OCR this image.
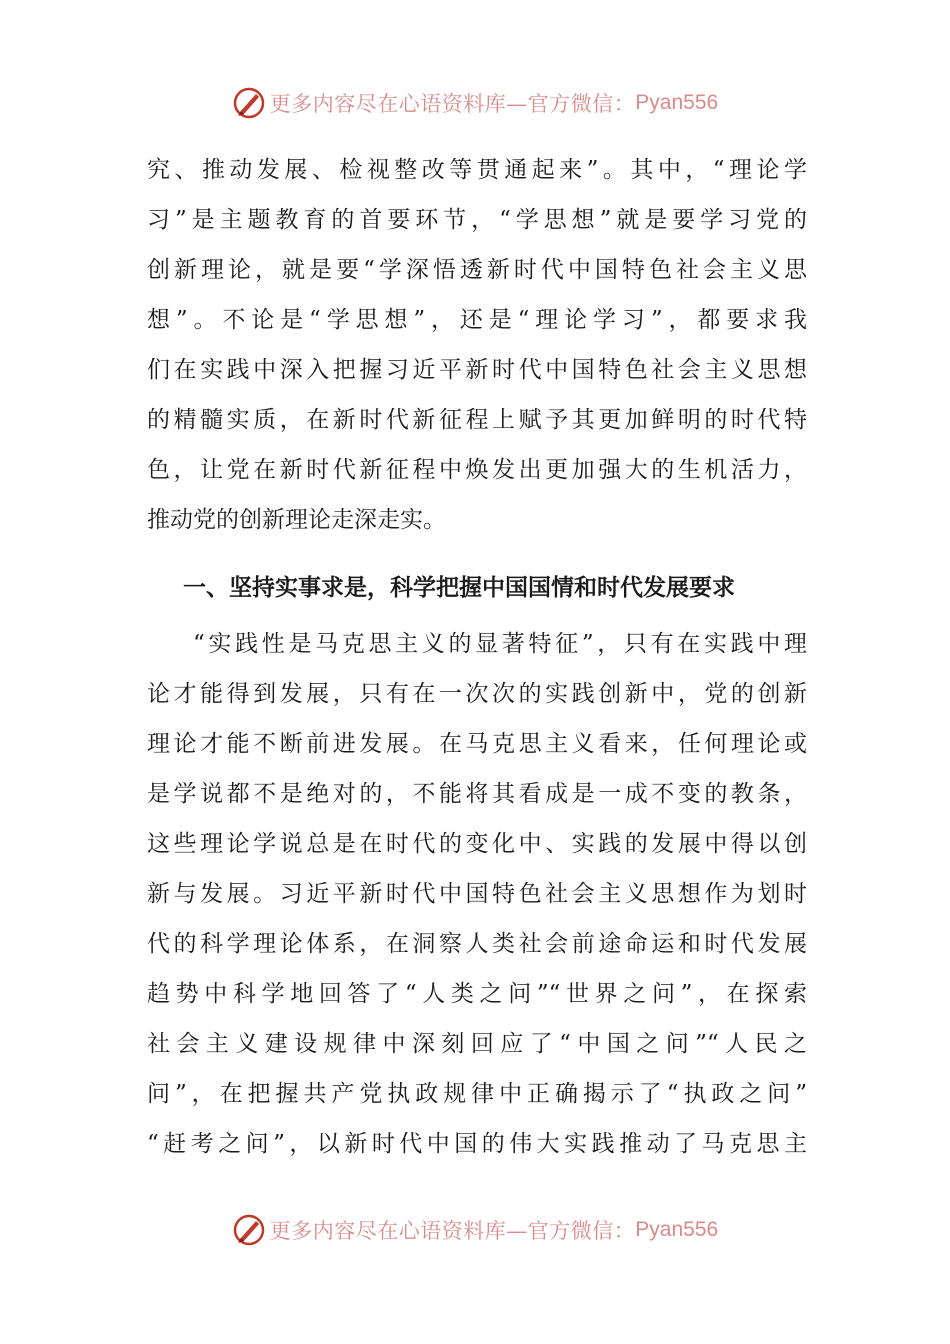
更多内容尽在心语资料库—官方微信： Pyan556
究、推动发展、检视整改等贯通起来”。其中，“理论学
习”是主题教育的首要环节，“学思想”就是要学习党的
创新理论，就是要“学深悟透新时代中国特色社会主义思
想”。不论是“学思想”，还是“理论学习”，都要求我
们在实践中深入把握习近平新时代中国特色社会主义思想
的精髓实质，在新时代新征程上赋予其更加鲜明的时代特
色，让党在新时代新征程中焕发出更加强大的生机活力，
推动党的创新理论走深走实。
一、坚持实事求是，科学把握中国国情和时代发展要求
“实践性是马克思主义的显著特征”，只有在实践中理
论才能得到发展，只有在一次次的实践创新中，党的创新
理论才能不断前进发展。在马克思主义看来，任何理论或
是学说都不是绝对的，不能将其看成是一成不变的教条，
这些理论学说总是在时代的变化中、实践的发展中得以创
新与发展。习近平新时代中国特色社会主义思想作为划时
代的科学理论体系，在洞察人类社会前途命运和时代发展
趋势中科学地回答了“人类之问”“世界之问”，在探索
社会主义建设规律中深刻回应了“中国之问”“人民之
问”，在把握共产党执政规律中正确揭示了“执政之问”
“赶考之问”，以新时代中国的伟大实践推动了马克思主
更多内容尽在心语资料库—官方微信： Pyan556
